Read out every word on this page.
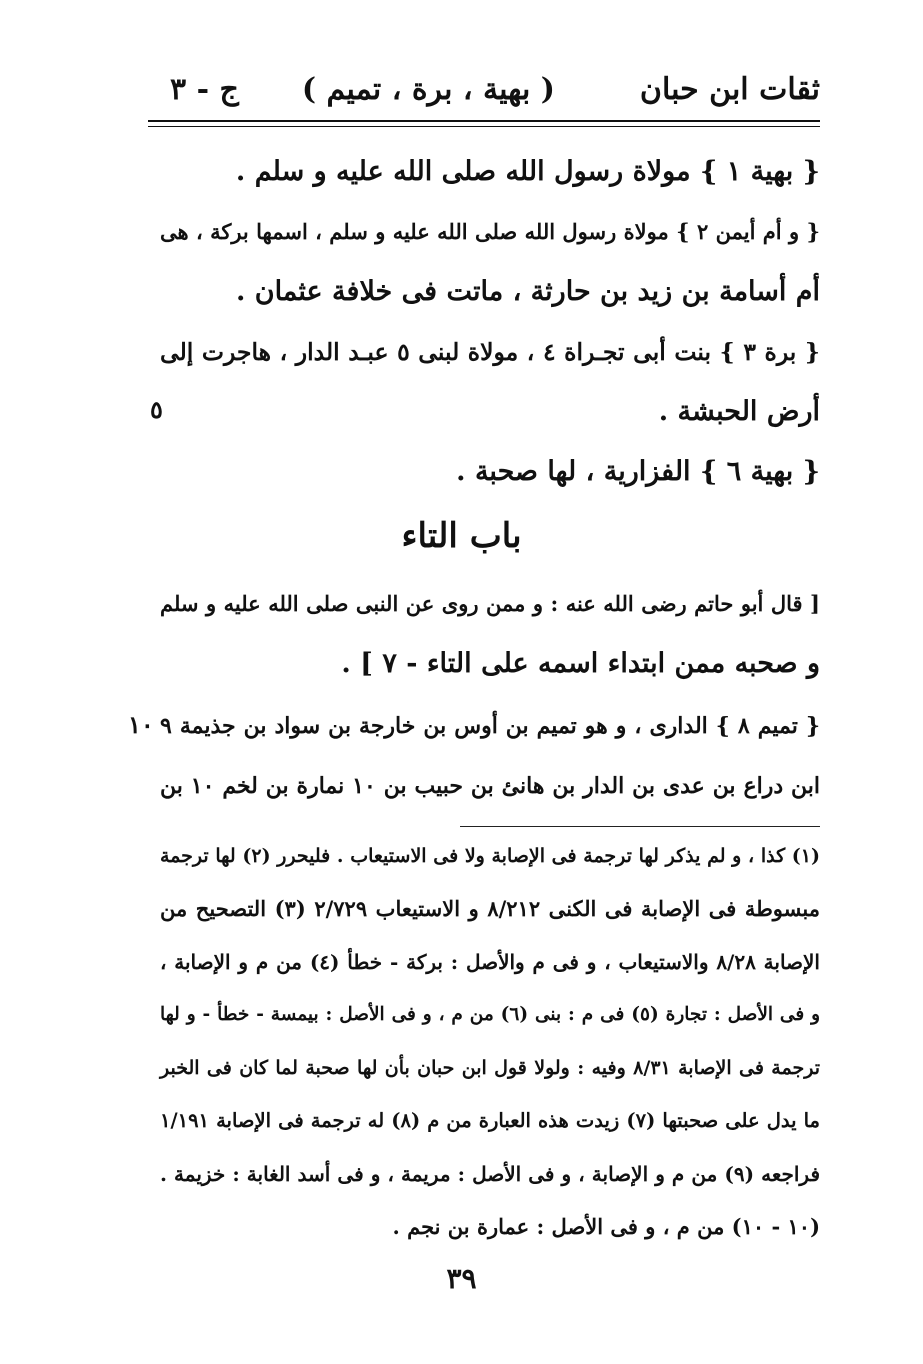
ثقات ابن حبان
( بهية ، برة ، تميم )
ج - ٣
{ بهية ١ } مولاة رسول الله صلى الله عليه و سلم .
{ و أم أيمن ٢ } مولاة رسول الله صلى الله عليه و سلم ، اسمها بركة ، هى
أم أسامة بن زيد بن حارثة ، ماتت فى خلافة عثمان .
{ برة ٣ } بنت أبى تجـراة ٤ ، مولاة لبنى ٥ عبـد الدار ، هاجرت إلى
أرض الحبشة .
٥
{ بهية ٦ } الفزارية ، لها صحبة .
باب التاء
[ قال أبو حاتم رضى الله عنه : و ممن روى عن النبى صلى الله عليه و سلم
و صحبه ممن ابتداء اسمه على التاء - ٧ ] .
{ تميم ٨ } الدارى ، و هو تميم بن أوس بن خارجة بن سواد بن جذيمة ٩
١٠
ابن دراع بن عدى بن الدار بن هانئ بن حبيب بن ١٠ نمارة بن لخم ١٠ بن
(١) كذا ، و لم يذكر لها ترجمة فى الإصابة ولا فى الاستيعاب . فليحرر (٢) لها ترجمة
مبسوطة فى الإصابة فى الكنى ٨/٢١٢ و الاستيعاب ٢/٧٢٩ (٣) التصحيح من
الإصابة ٨/٢٨ والاستيعاب ، و فى م والأصل : بركة - خطأ (٤) من م و الإصابة ،
و فى الأصل : تجارة (٥) فى م : بنى (٦) من م ، و فى الأصل : بيمسة - خطأ - و لها
ترجمة فى الإصابة ٨/٣١ وفيه : ولولا قول ابن حبان بأن لها صحبة لما كان فى الخبر
ما يدل على صحبتها (٧) زيدت هذه العبارة من م (٨) له ترجمة فى الإصابة ١/١٩١
فراجعه (٩) من م و الإصابة ، و فى الأصل : مريمة ، و فى أسد الغابة : خزيمة .
(١٠ - ١٠) من م ، و فى الأصل : عمارة بن نجم .
٣٩
